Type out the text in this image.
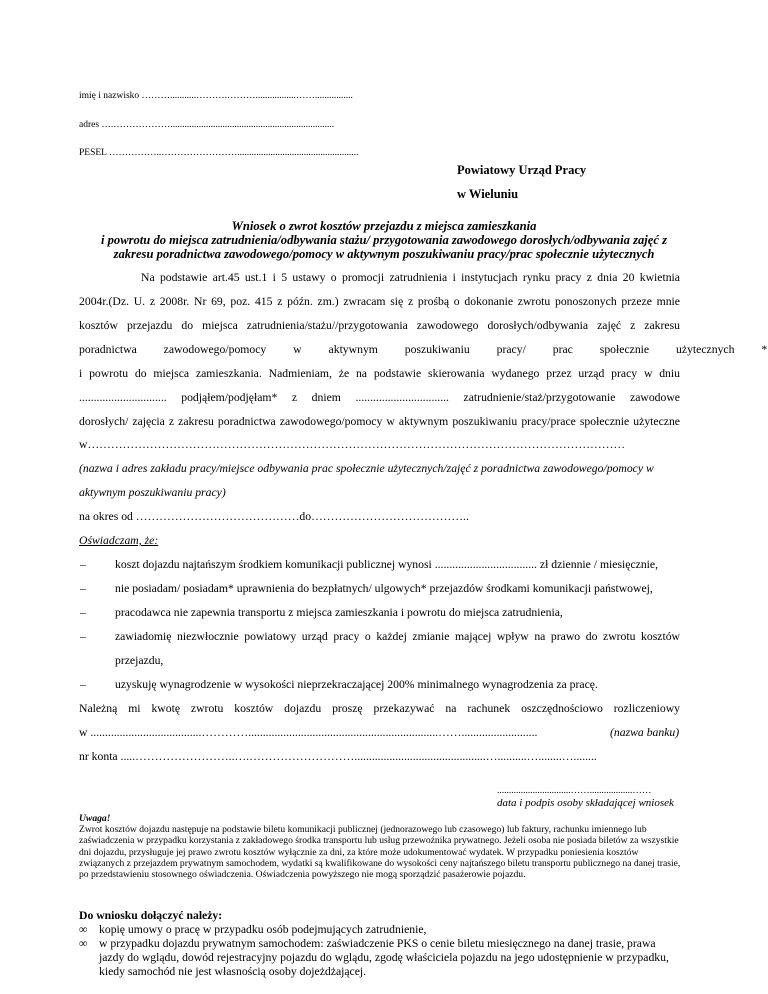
imię i nazwisko ………...........……….……….................……................
adres ….……………….....................................................................
PESEL ……………..……………………...................................................
Powiatowy Urząd Pracy
w Wieluniu
Wniosek o zwrot kosztów przejazdu z miejsca zamieszkania
i powrotu do miejsca zatrudnienia/odbywania stażu/ przygotowania zawodowego dorosłych/odbywania zajęć z
zakresu poradnictwa zawodowego/pomocy w aktywnym poszukiwaniu pracy/prac społecznie użytecznych
Na podstawie art.45 ust.1 i 5 ustawy o promocji zatrudnienia i instytucjach rynku pracy z dnia 20 kwietnia
2004r.(Dz. U. z 2008r. Nr 69, poz. 415 z późn. zm.) zwracam się z prośbą o dokonanie zwrotu ponoszonych przeze mnie
kosztów przejazdu do miejsca zatrudnienia/stażu//przygotowania zawodowego dorosłych/odbywania zajęć z zakresu
poradnictwa zawodowego/pomocy w aktywnym poszukiwaniu pracy/ prac społecznie użytecznych *
i powrotu do miejsca zamieszkania. Nadmieniam, że na podstawie skierowania wydanego przez urząd pracy w dniu
.............................. podjąłem/podjęłam* z dniem ................................ zatrudnienie/staż/przygotowanie zawodowe
dorosłych/ zajęcia z zakresu poradnictwa zawodowego/pomocy w aktywnym poszukiwaniu pracy/prace społecznie użyteczne
w…………………………………………………………………………………………………………………………
(nazwa i adres zakładu pracy/miejsce odbywania prac społecznie użytecznych/zajęć z poradnictwa zawodowego/pomocy w
aktywnym poszukiwaniu pracy)
na okres od ……………………………………do…………………………………..
Oświadczam, że:
– koszt dojazdu najtańszym środkiem komunikacji publicznej wynosi ................................... zł dziennie / miesięcznie,
– nie posiadam/ posiadam* uprawnienia do bezpłatnych/ ulgowych* przejazdów środkami komunikacji państwowej,
– pracodawca nie zapewnia transportu z miejsca zamieszkania i powrotu do miejsca zatrudnienia,
– zawiadomię niezwłocznie powiatowy urząd pracy o każdej zmianie mającej wpływ na prawo do zwrotu kosztów
przejazdu,
– uzyskuję wynagrodzenie w wysokości nieprzekraczającej 200% minimalnego wynagrodzenia za pracę.
Należną mi kwotę zwrotu kosztów dojazdu proszę przekazywać na rachunek oszczędnościowo rozliczeniowy
w ......................................………….................................................................……..........................	(nazwa banku)
nr konta .....……………………..….……………………….............................................…..........…........…........
...............................……..................……
data i podpis osoby składającej wniosek
Uwaga!
Zwrot kosztów dojazdu następuje na podstawie biletu komunikacji publicznej (jednorazowego lub czasowego) lub faktury, rachunku imiennego lub zaświadczenia w przypadku korzystania z zakładowego środka transportu lub usług przewoźnika prywatnego. Jeżeli osoba nie posiada biletów za wszystkie dni dojazdu, przysługuje jej prawo zwrotu kosztów wyłącznie za dni, za które może udokumentować wydatek. W przypadku poniesienia kosztów związanych z przejazdem prywatnym samochodem, wydatki są kwalifikowane do wysokości ceny najtańszego biletu transportu publicznego na danej trasie, po przedstawieniu stosownego oświadczenia. Oświadczenia powyższego nie mogą sporządzić pasażerowie pojazdu.
Do wniosku dołączyć należy:
∞ kopię umowy o pracę w przypadku osób podejmujących zatrudnienie,
∞ w przypadku dojazdu prywatnym samochodem: zaświadczenie PKS o cenie biletu miesięcznego na danej trasie, prawa jazdy do wglądu, dowód rejestracyjny pojazdu do wglądu, zgodę właściciela pojazdu na jego udostępnienie w przypadku, kiedy samochód nie jest własnością osoby dojeżdżającej.
